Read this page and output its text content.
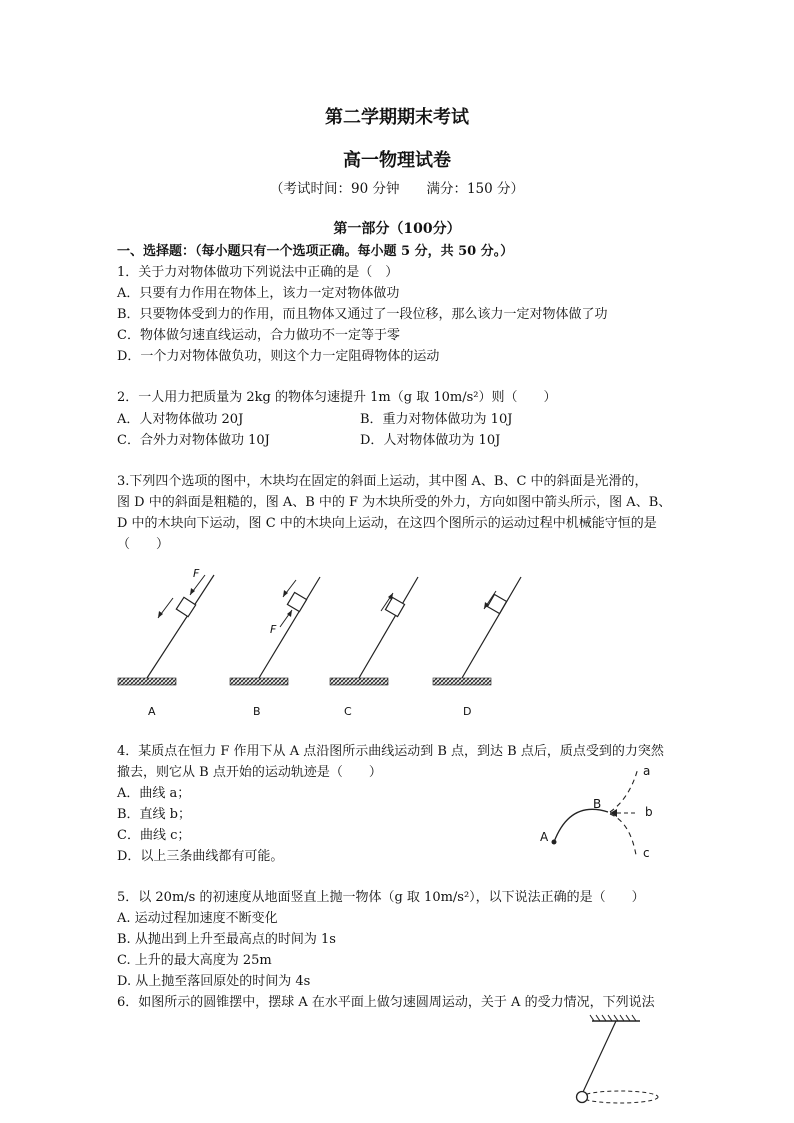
第二学期期末考试
高一物理试卷
（考试时间：90 分钟　　满分：150 分）
第一部分（100分）
一、选择题：（每小题只有一个选项正确。每小题 5 分，共 50 分。）
1．关于力对物体做功下列说法中正确的是（　）
A．只要有力作用在物体上，该力一定对物体做功
B．只要物体受到力的作用，而且物体又通过了一段位移，那么该力一定对物体做了功
C．物体做匀速直线运动，合力做功不一定等于零
D．一个力对物体做负功，则这个力一定阻碍物体的运动
2．一人用力把质量为 2kg 的物体匀速提升 1m（g 取 10m/s²）则（　　）
A．人对物体做功 20J	B．重力对物体做功为 10J
C．合外力对物体做功 10J	D．人对物体做功为 10J
3.下列四个选项的图中，木块均在固定的斜面上运动，其中图 A、B、C 中的斜面是光滑的，
图 D 中的斜面是粗糙的，图 A、B 中的 F 为木块所受的外力，方向如图中箭头所示，图 A、B、
D 中的木块向下运动，图 C 中的木块向上运动，在这四个图所示的运动过程中机械能守恒的是
（　　）
F
F
A	B	C	D
4．某质点在恒力 F 作用下从 A 点沿图所示曲线运动到 B 点，到达 B 点后，质点受到的力突然
撤去，则它从 B 点开始的运动轨迹是（　　）
A．曲线 a；
B．直线 b；
C．曲线 c；
D．以上三条曲线都有可能。
a
B
b
A
c
5．以 20m/s 的初速度从地面竖直上抛一物体（g 取 10m/s²），以下说法正确的是（　　）
A. 运动过程加速度不断变化
B. 从抛出到上升至最高点的时间为 1s
C. 上升的最大高度为 25m
D. 从上抛至落回原处的时间为 4s
6．如图所示的圆锥摆中，摆球 A 在水平面上做匀速圆周运动，关于 A 的受力情况，下列说法
